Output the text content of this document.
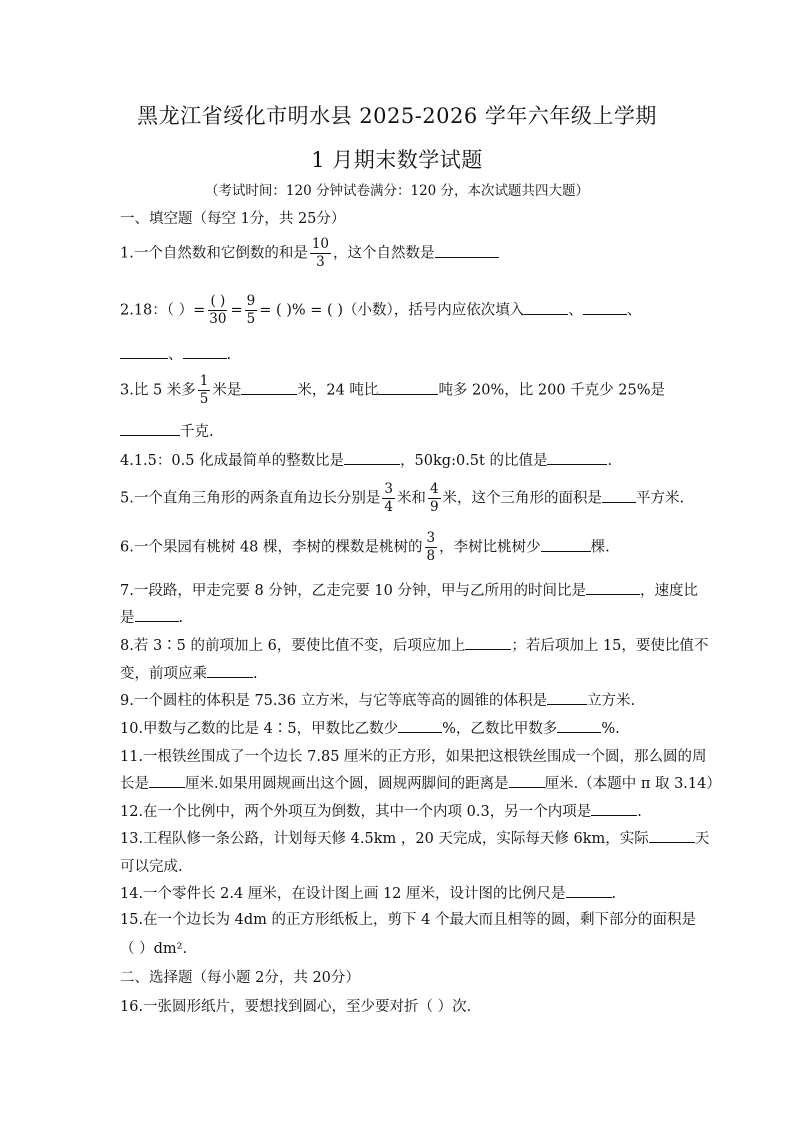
黑龙江省绥化市明水县 2025-2026 学年六年级上学期
1 月期末数学试题
（考试时间：120 分钟试卷满分：120 分，本次试题共四大题）
一、填空题（每空 1分，共 25分）
1.一个自然数和它倒数的和是 $\frac{10}{3}$ ，这个自然数是
2.18：（ ）= $\frac{( )}{30} = \frac{9}{5}$ = ( )% = ( )（小数），括号内应依次填入	、	、
、	.
3.比 5 米多 $\frac{1}{5}$ 米是	米，24 吨比	吨多 20%，比 200 千克少 25%是
千克.
4.1.5：0.5 化成最简单的整数比是	，50kg:0.5t 的比值是	.
5.一个直角三角形的两条直角边长分别是 $\frac{3}{4}$ 米和 $\frac{4}{9}$ 米，这个三角形的面积是 平方米.
6.一个果园有桃树 48 棵，李树的棵数是桃树的 $\frac{3}{8}$ ，李树比桃树少	棵.
7.一段路，甲走完要 8 分钟，乙走完要 10 分钟，甲与乙所用的时间比是	，速度比
是	.
8.若 3∶5 的前项加上 6，要使比值不变，后项应加上	；若后项加上 15，要使比值不
变，前项应乘	.
9.一个圆柱的体积是 75.36 立方米，与它等底等高的圆锥的体积是	立方米.
10.甲数与乙数的比是 4∶5，甲数比乙数少	%，乙数比甲数多	%.
11.一根铁丝围成了一个边长 7.85 厘米的正方形，如果把这根铁丝围成一个圆，那么圆的周
长是 厘米.如果用圆规画出这个圆，圆规两脚间的距离是 厘米.（本题中 π 取 3.14）
12.在一个比例中，两个外项互为倒数，其中一个内项 0.3，另一个内项是	.
13.工程队修一条公路，计划每天修 4.5km ，20 天完成，实际每天修 6km，实际	天
可以完成.
14.一个零件长 2.4 厘米，在设计图上画 12 厘米，设计图的比例尺是	.
15.在一个边长为 4dm 的正方形纸板上，剪下 4 个最大而且相等的圆，剩下部分的面积是
（ ）dm².
二、选择题（每小题 2分，共 20分）
16.一张圆形纸片，要想找到圆心，至少要对折（ ）次.
